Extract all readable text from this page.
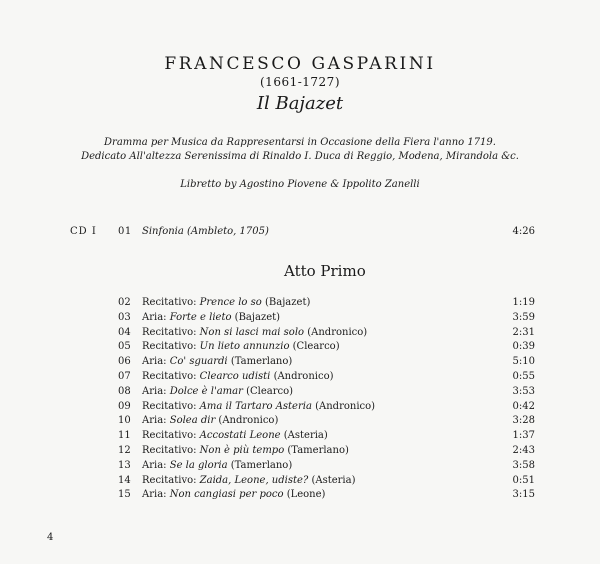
FRANCESCO GASPARINI
(1661-1727)
Il Bajazet
Dramma per Musica da Rappresentarsi in Occasione della Fiera l'anno 1719.
Dedicato All'altezza Serenissima di Rinaldo I. Duca di Reggio, Modena, Mirandola &c.
Libretto by Agostino Piovene & Ippolito Zanelli
CD I 01 Sinfonia (Ambleto, 1705)	4:26
Atto Primo
02 Recitativo: Prence lo so (Bajazet)	1:19
03 Aria: Forte e lieto (Bajazet)	3:59
04 Recitativo: Non si lasci mai solo (Andronico)	2:31
05 Recitativo: Un lieto annunzio (Clearco)	0:39
06 Aria: Co' sguardi (Tamerlano)	5:10
07 Recitativo: Clearco udisti (Andronico)	0:55
08 Aria: Dolce è l'amar (Clearco)	3:53
09 Recitativo: Ama il Tartaro Asteria (Andronico)	0:42
10 Aria: Solea dir (Andronico)	3:28
11 Recitativo: Accostati Leone (Asteria)	1:37
12 Recitativo: Non è più tempo (Tamerlano)	2:43
13 Aria: Se la gloria (Tamerlano)	3:58
14 Recitativo: Zaida, Leone, udiste? (Asteria)	0:51
15 Aria: Non cangiasi per poco (Leone)	3:15
4
